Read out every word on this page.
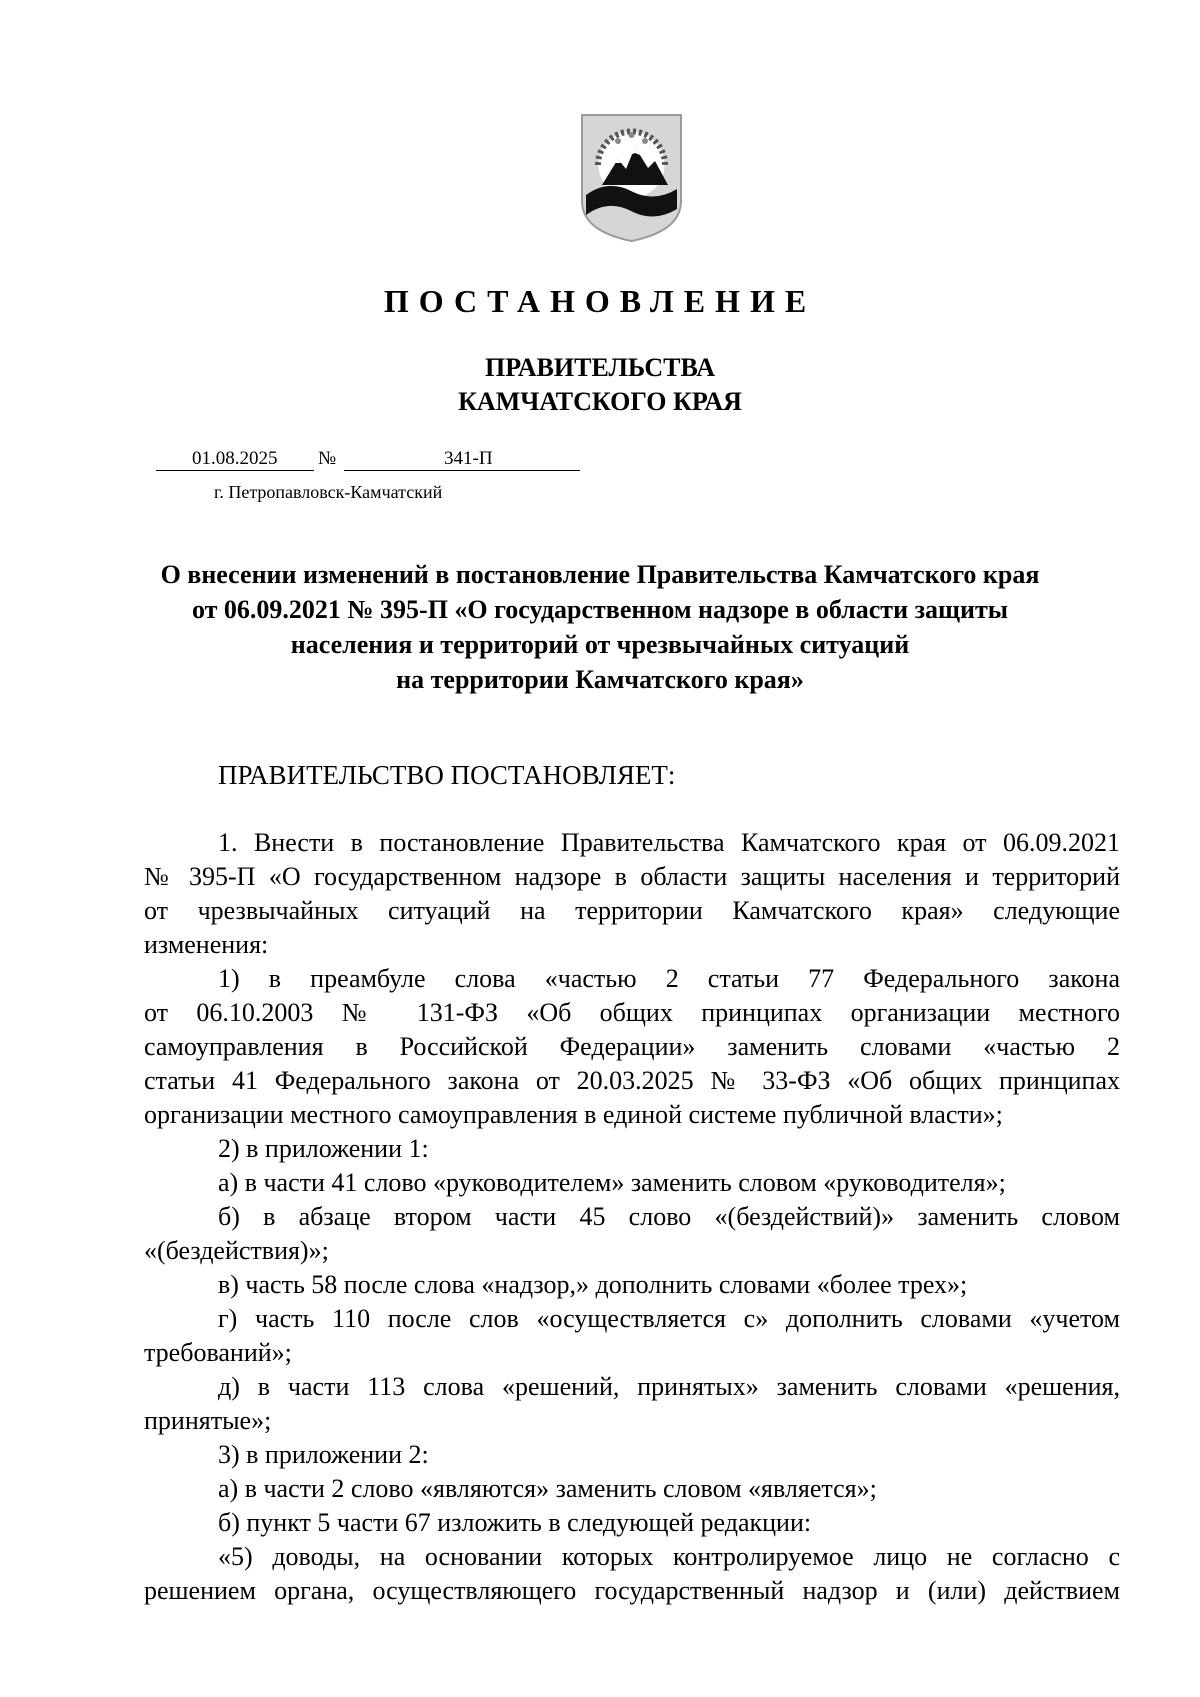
ПОСТАНОВЛЕНИЕ
ПРАВИТЕЛЬСТВА
КАМЧАТСКОГО КРАЯ
01.08.2025 №	341-П
г. Петропавловск-Камчатский
О внесении изменений в постановление Правительства Камчатского края
от 06.09.2021 № 395-П «О государственном надзоре в области защиты
населения и территорий от чрезвычайных ситуаций
на территории Камчатского края»
ПРАВИТЕЛЬСТВО ПОСТАНОВЛЯЕТ:
1. Внести в постановление Правительства Камчатского края от 06.09.2021
№ 395-П «О государственном надзоре в области защиты населения и территорий
от чрезвычайных ситуаций на территории Камчатского края» следующие
изменения:
1) в преамбуле слова «частью 2 статьи 77 Федерального закона
от 06.10.2003 № 131-ФЗ «Об общих принципах организации местного
самоуправления в Российской Федерации» заменить словами «частью 2
статьи 41 Федерального закона от 20.03.2025 № 33-ФЗ «Об общих принципах
организации местного самоуправления в единой системе публичной власти»;
2) в приложении 1:
а) в части 41 слово «руководителем» заменить словом «руководителя»;
б) в абзаце втором части 45 слово «(бездействий)» заменить словом
«(бездействия)»;
в) часть 58 после слова «надзор,» дополнить словами «более трех»;
г) часть 110 после слов «осуществляется с» дополнить словами «учетом
требований»;
д) в части 113 слова «решений, принятых» заменить словами «решения,
принятые»;
3) в приложении 2:
а) в части 2 слово «являются» заменить словом «является»;
б) пункт 5 части 67 изложить в следующей редакции:
«5) доводы, на основании которых контролируемое лицо не согласно с
решением органа, осуществляющего государственный надзор и (или) действием
